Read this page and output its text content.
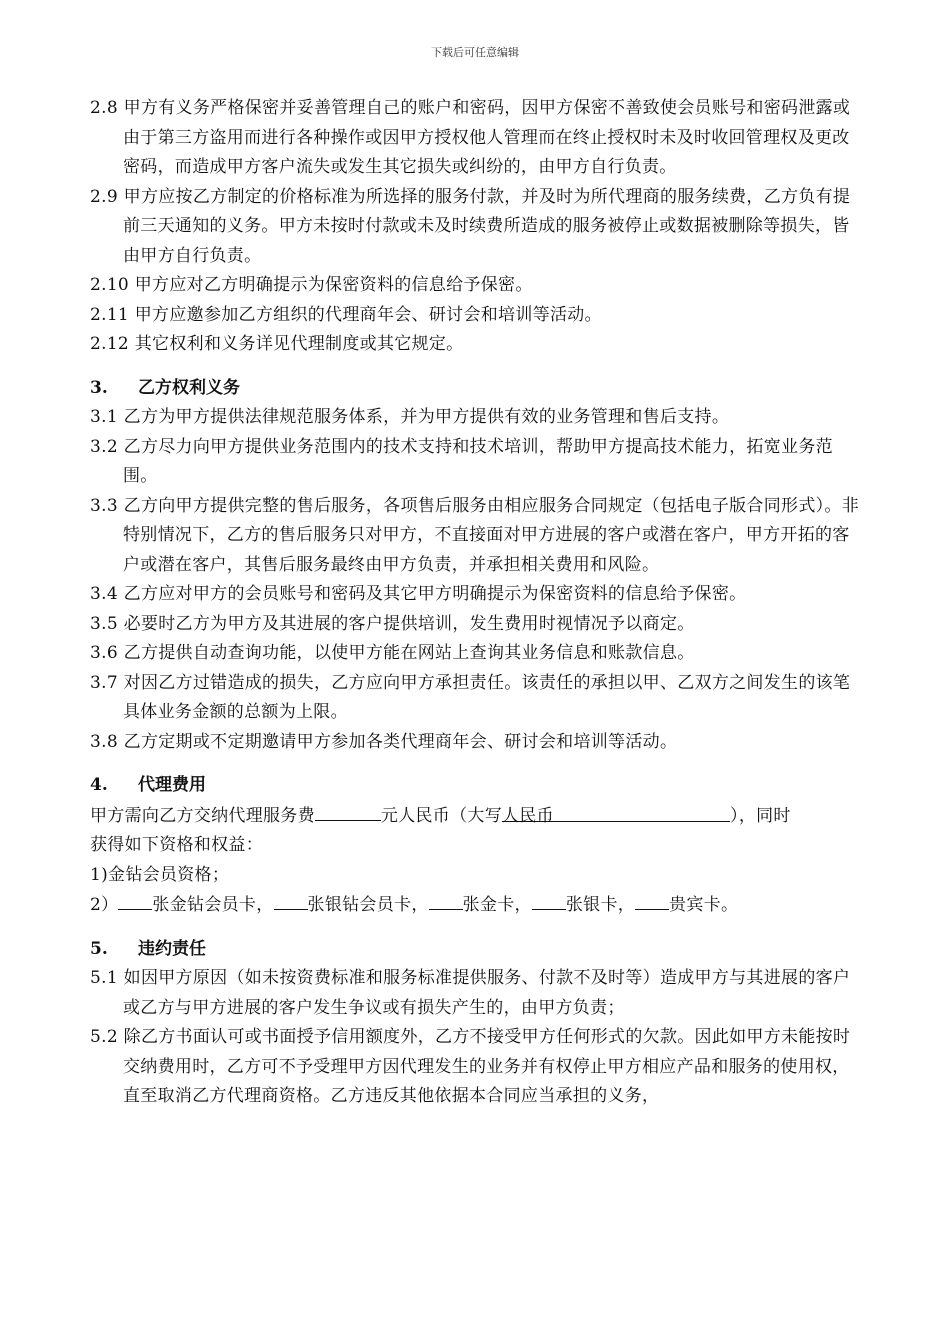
下载后可任意编辑
2.8 甲方有义务严格保密并妥善管理自己的账户和密码，因甲方保密不善致使会员账号和密码泄露或由于第三方盗用而进行各种操作或因甲方授权他人管理而在终止授权时未及时收回管理权及更改密码，而造成甲方客户流失或发生其它损失或纠纷的，由甲方自行负责。
2.9 甲方应按乙方制定的价格标准为所选择的服务付款，并及时为所代理商的服务续费，乙方负有提前三天通知的义务。甲方未按时付款或未及时续费所造成的服务被停止或数据被删除等损失，皆由甲方自行负责。
2.10 甲方应对乙方明确提示为保密资料的信息给予保密。
2.11 甲方应邀参加乙方组织的代理商年会、研讨会和培训等活动。
2.12 其它权利和义务详见代理制度或其它规定。
3. 乙方权利义务
3.1 乙方为甲方提供法律规范服务体系，并为甲方提供有效的业务管理和售后支持。
3.2 乙方尽力向甲方提供业务范围内的技术支持和技术培训，帮助甲方提高技术能力，拓宽业务范围。
3.3 乙方向甲方提供完整的售后服务，各项售后服务由相应服务合同规定（包括电子版合同形式）。非特别情况下，乙方的售后服务只对甲方，不直接面对甲方进展的客户或潜在客户，甲方开拓的客户或潜在客户，其售后服务最终由甲方负责，并承担相关费用和风险。
3.4 乙方应对甲方的会员账号和密码及其它甲方明确提示为保密资料的信息给予保密。
3.5 必要时乙方为甲方及其进展的客户提供培训，发生费用时视情况予以商定。
3.6 乙方提供自动查询功能，以使甲方能在网站上查询其业务信息和账款信息。
3.7 对因乙方过错造成的损失，乙方应向甲方承担责任。该责任的承担以甲、乙双方之间发生的该笔具体业务金额的总额为上限。
3.8 乙方定期或不定期邀请甲方参加各类代理商年会、研讨会和培训等活动。
4. 代理费用
甲方需向乙方交纳代理服务费	元人民币（大写人民币	），同时
获得如下资格和权益：
1)金钻会员资格；
2） 张金钻会员卡， 张银钻会员卡， 张金卡， 张银卡， 贵宾卡。
5. 违约责任
5.1 如因甲方原因（如未按资费标准和服务标准提供服务、付款不及时等）造成甲方与其进展的客户或乙方与甲方进展的客户发生争议或有损失产生的，由甲方负责；
5.2 除乙方书面认可或书面授予信用额度外，乙方不接受甲方任何形式的欠款。因此如甲方未能按时交纳费用时，乙方可不予受理甲方因代理发生的业务并有权停止甲方相应产品和服务的使用权，直至取消乙方代理商资格。乙方违反其他依据本合同应当承担的义务，
